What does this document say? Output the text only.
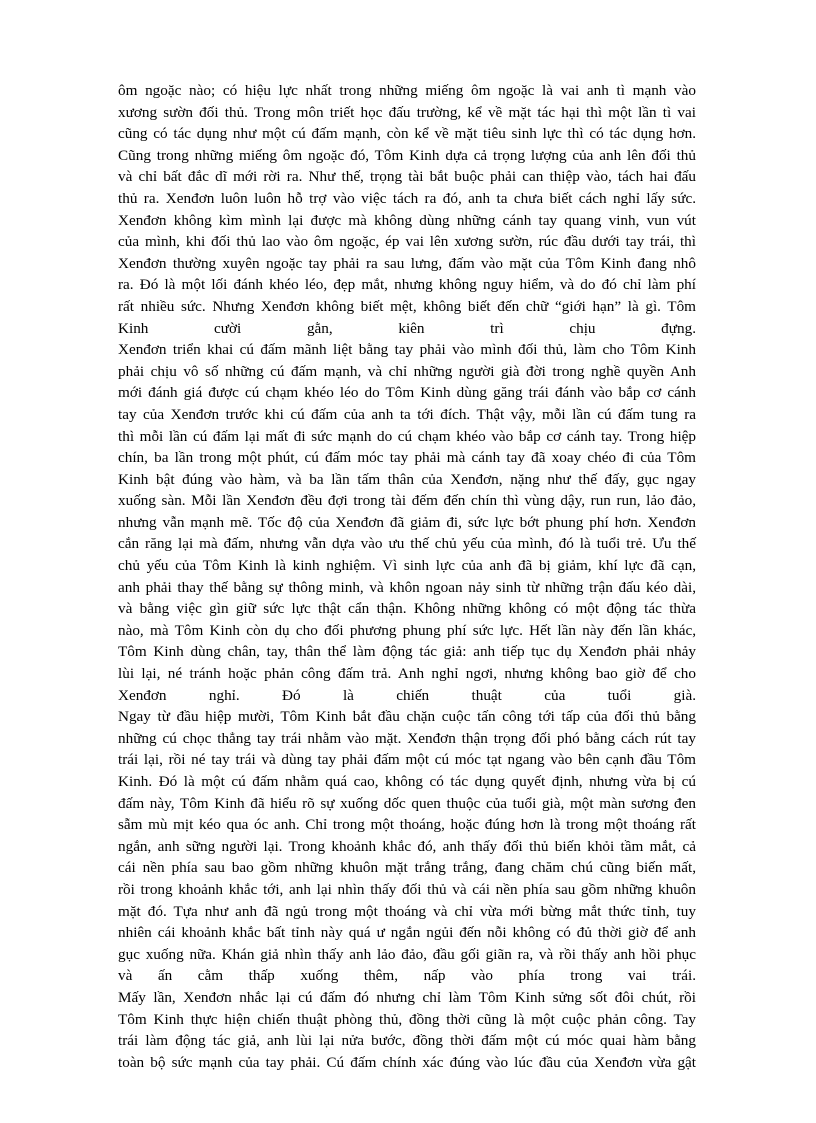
ôm ngoặc nào; có hiệu lực nhất trong những miếng ôm ngoặc là vai anh tì mạnh vào
xương sườn đối thủ. Trong môn triết học đấu trường, kể về mặt tác hại thì một lần tì vai
cũng có tác dụng như một cú đấm mạnh, còn kể về mặt tiêu sinh lực thì có tác dụng hơn.
Cũng trong những miếng ôm ngoặc đó, Tôm Kinh dựa cả trọng lượng của anh lên đối thủ
và chỉ bất đắc dĩ mới rời ra. Như thế, trọng tài bắt buộc phải can thiệp vào, tách hai đấu
thủ ra. Xenđơn luôn luôn hỗ trợ vào việc tách ra đó, anh ta chưa biết cách nghỉ lấy sức.
Xenđơn không kìm mình lại được mà không dùng những cánh tay quang vinh, vun vút
của mình, khi đối thủ lao vào ôm ngoặc, ép vai lên xương sườn, rúc đầu dưới tay trái, thì
Xenđơn thường xuyên ngoặc tay phải ra sau lưng, đấm vào mặt của Tôm Kinh đang nhô
ra. Đó là một lối đánh khéo léo, đẹp mắt, nhưng không nguy hiểm, và do đó chỉ làm phí
rất nhiều sức. Nhưng Xenđơn không biết mệt, không biết đến chữ “giới hạn” là gì. Tôm
Kinh cười gằn, kiên trì chịu đựng.
Xenđơn triển khai cú đấm mãnh liệt bằng tay phải vào mình đối thủ, làm cho Tôm Kinh
phải chịu vô số những cú đấm mạnh, và chỉ những người già đời trong nghề quyền Anh
mới đánh giá được cú chạm khéo léo do Tôm Kinh dùng găng trái đánh vào bắp cơ cánh
tay của Xenđơn trước khi cú đấm của anh ta tới đích. Thật vậy, mỗi lần cú đấm tung ra
thì mỗi lần cú đấm lại mất đi sức mạnh do cú chạm khéo vào bắp cơ cánh tay. Trong hiệp
chín, ba lần trong một phút, cú đấm móc tay phải mà cánh tay đã xoay chéo đi của Tôm
Kinh bật đúng vào hàm, và ba lần tấm thân của Xenđơn, nặng như thế đấy, gục ngay
xuống sàn. Mỗi lần Xenđơn đều đợi trong tài đếm đến chín thì vùng dậy, run run, lảo đảo,
nhưng vẫn mạnh mẽ. Tốc độ của Xenđơn đã giảm đi, sức lực bớt phung phí hơn. Xenđơn
cắn răng lại mà đấm, nhưng vẫn dựa vào ưu thế chủ yếu của mình, đó là tuổi trẻ. Ưu thế
chủ yếu của Tôm Kinh là kinh nghiệm. Vì sinh lực của anh đã bị giảm, khí lực đã cạn,
anh phải thay thế bằng sự thông minh, và khôn ngoan nảy sinh từ những trận đấu kéo dài,
và bằng việc gìn giữ sức lực thật cẩn thận. Không những không có một động tác thừa
nào, mà Tôm Kinh còn dụ cho đối phương phung phí sức lực. Hết lần này đến lần khác,
Tôm Kinh dùng chân, tay, thân thể làm động tác giả: anh tiếp tục dụ Xenđơn phải nhảy
lùi lại, né tránh hoặc phản công đấm trả. Anh nghỉ ngơi, nhưng không bao giờ để cho
Xenđơn nghỉ. Đó là chiến thuật của tuổi già.
Ngay từ đầu hiệp mười, Tôm Kinh bắt đầu chặn cuộc tấn công tới tấp của đối thủ bằng
những cú chọc thẳng tay trái nhằm vào mặt. Xenđơn thận trọng đối phó bằng cách rút tay
trái lại, rồi né tay trái và dùng tay phải đấm một cú móc tạt ngang vào bên cạnh đầu Tôm
Kinh. Đó là một cú đấm nhằm quá cao, không có tác dụng quyết định, nhưng vừa bị cú
đấm này, Tôm Kinh đã hiểu rõ sự xuống dốc quen thuộc của tuổi già, một màn sương đen
sẫm mù mịt kéo qua óc anh. Chỉ trong một thoáng, hoặc đúng hơn là trong một thoáng rất
ngắn, anh sững người lại. Trong khoảnh khắc đó, anh thấy đối thủ biến khỏi tầm mắt, cả
cái nền phía sau bao gồm những khuôn mặt trắng trắng, đang chăm chú cũng biến mất,
rồi trong khoảnh khắc tới, anh lại nhìn thấy đối thủ và cái nền phía sau gồm những khuôn
mặt đó. Tựa như anh đã ngủ trong một thoáng và chỉ vừa mới bừng mắt thức tỉnh, tuy
nhiên cái khoảnh khắc bất tỉnh này quá ư ngắn ngủi đến nỗi không có đủ thời giờ để anh
gục xuống nữa. Khán giả nhìn thấy anh lảo đảo, đầu gối giãn ra, và rồi thấy anh hồi phục
và ấn cằm thấp xuống thêm, nấp vào phía trong vai trái.
Mấy lần, Xenđơn nhắc lại cú đấm đó nhưng chỉ làm Tôm Kinh sửng sốt đôi chút, rồi
Tôm Kinh thực hiện chiến thuật phòng thủ, đồng thời cũng là một cuộc phản công. Tay
trái làm động tác giả, anh lùi lại nửa bước, đồng thời đấm một cú móc quai hàm bằng
toàn bộ sức mạnh của tay phải. Cú đấm chính xác đúng vào lúc đầu của Xenđơn vừa gật
